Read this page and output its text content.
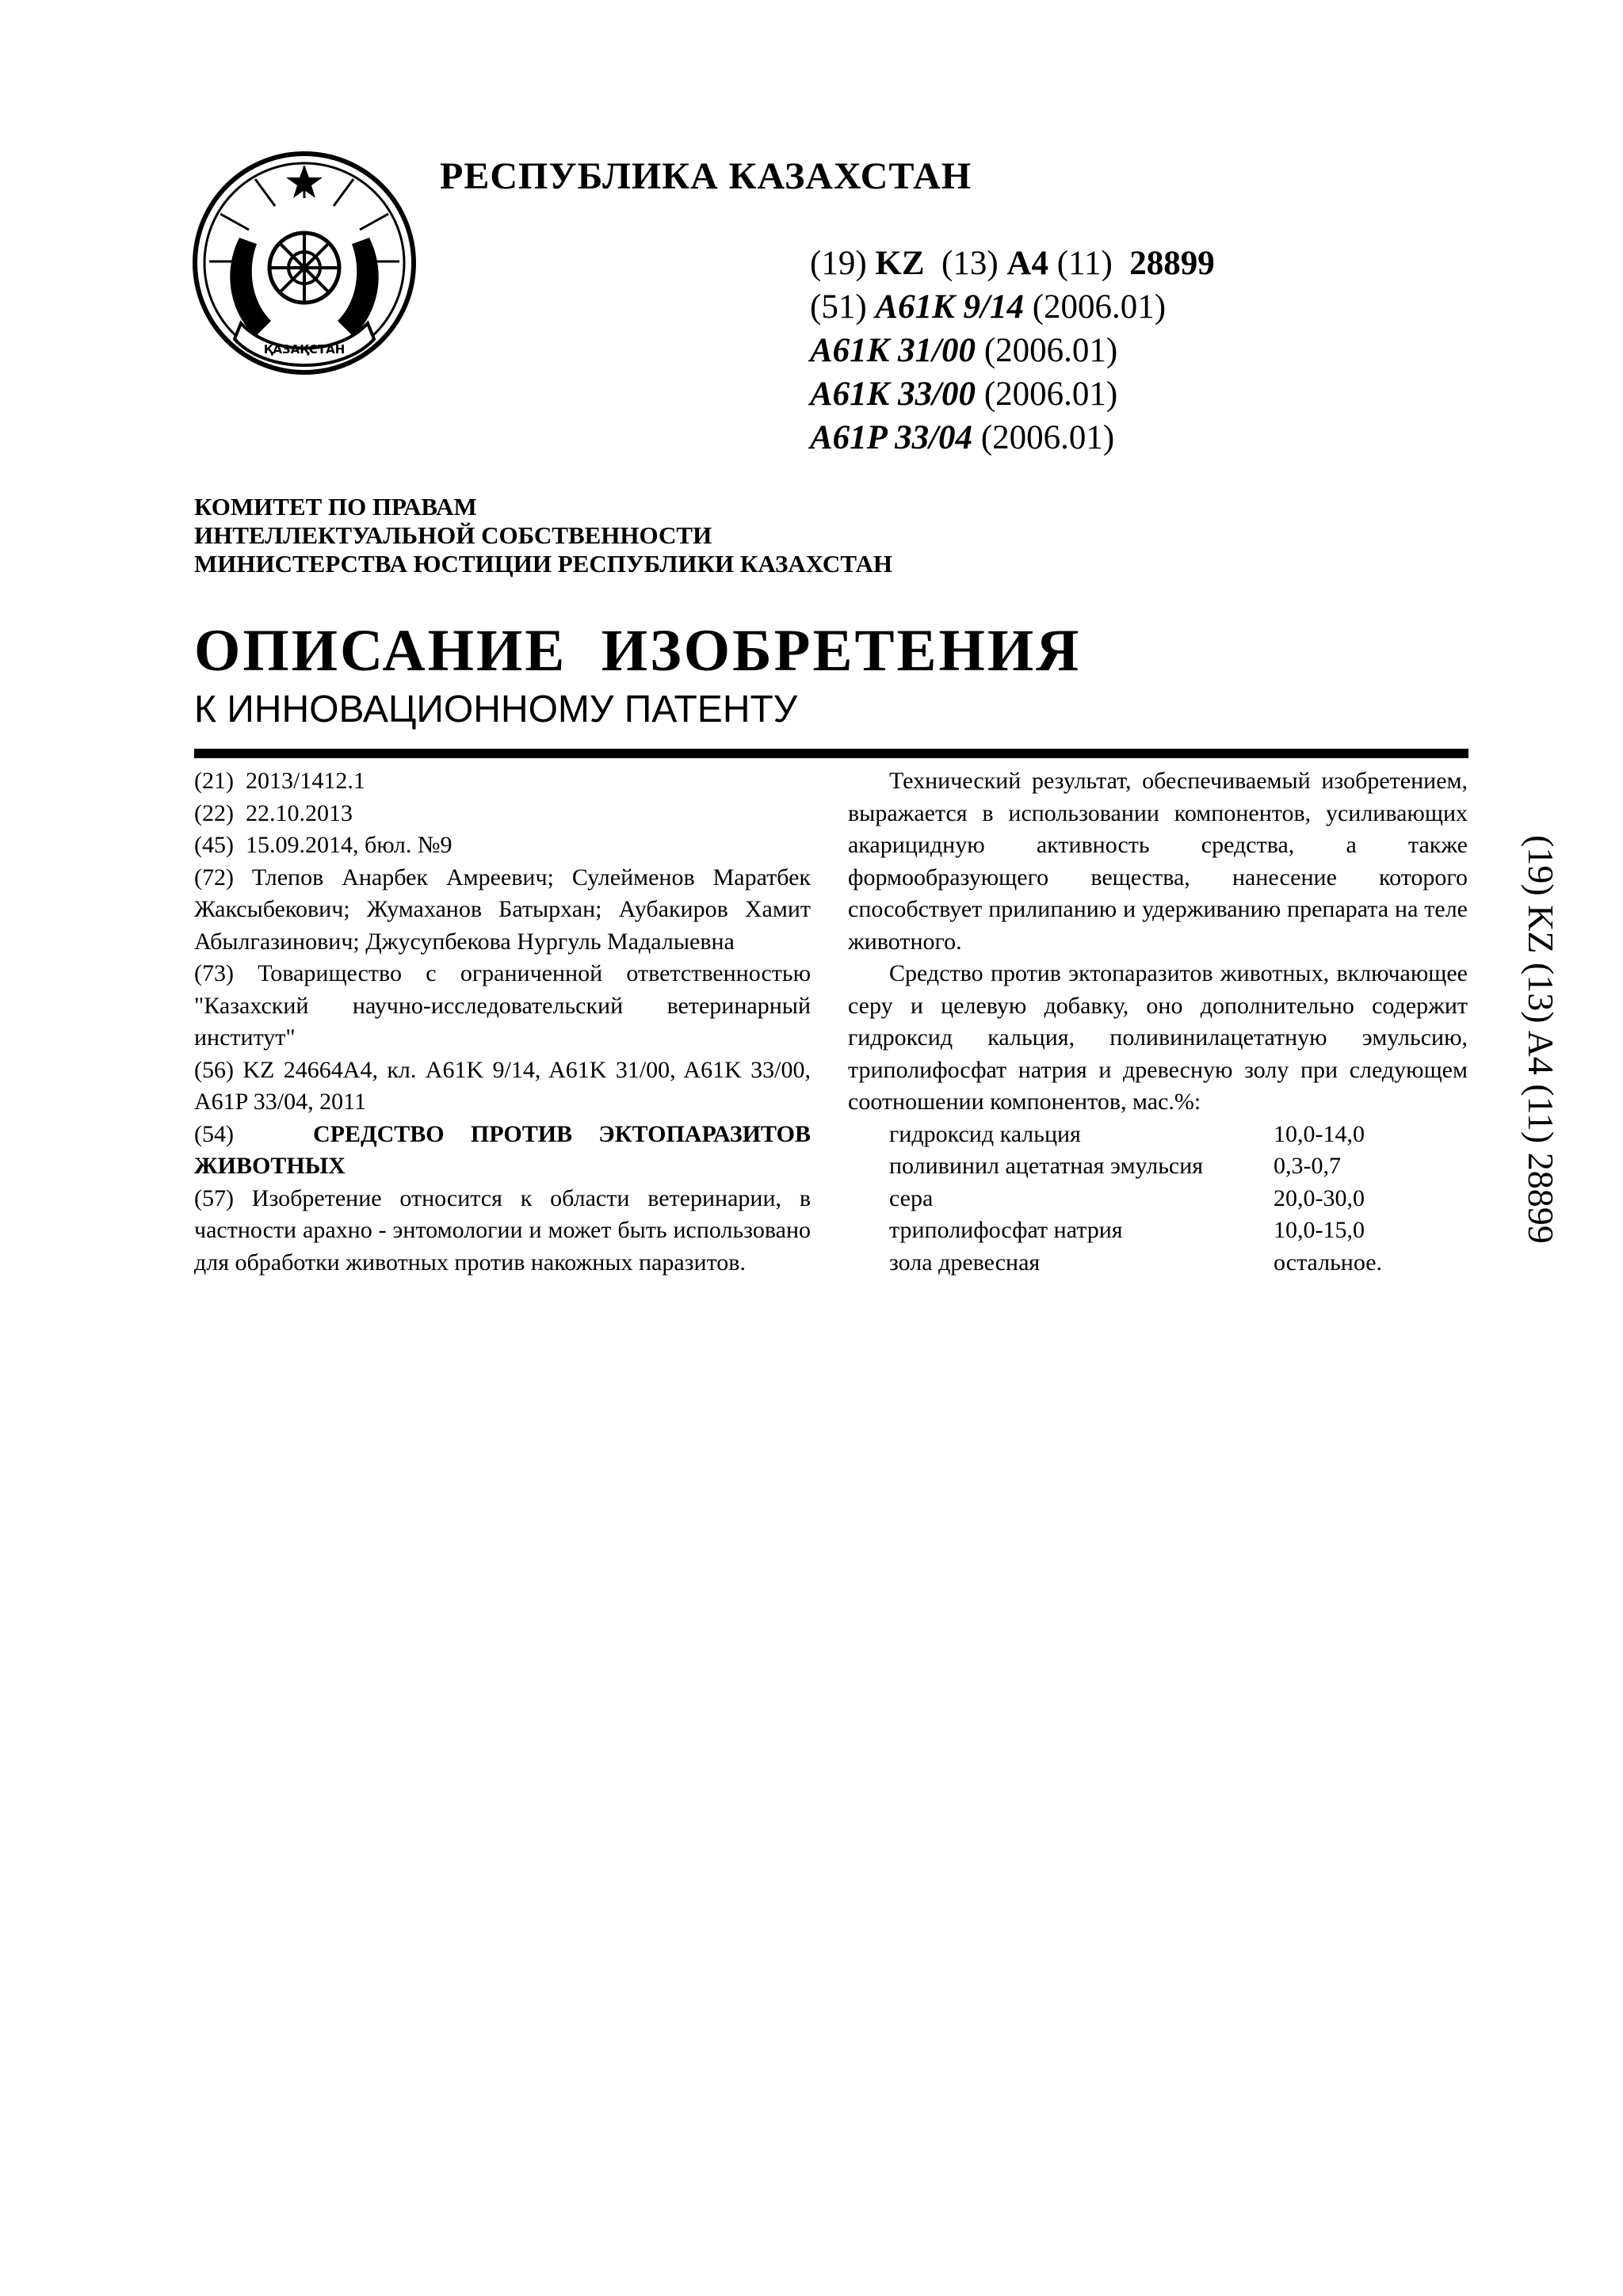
ҚАЗАҚСТАН
РЕСПУБЛИКА КАЗАХСТАН
(19) KZ (13) A4 (11) 28899
(51) A61K 9/14 (2006.01)
A61K 31/00 (2006.01)
A61K 33/00 (2006.01)
A61P 33/04 (2006.01)
КОМИТЕТ ПО ПРАВАМ
ИНТЕЛЛЕКТУАЛЬНОЙ СОБСТВЕННОСТИ
МИНИСТЕРСТВА ЮСТИЦИИ РЕСПУБЛИКИ КАЗАХСТАН
ОПИСАНИЕ  ИЗОБРЕТЕНИЯ
К ИННОВАЦИОННОМУ ПАТЕНТУ
(21)  2013/1412.1
(22)  22.10.2013
(45)  15.09.2014, бюл. №9
(72) Тлепов Анарбек Амреевич; Сулейменов Маратбек Жаксыбекович; Жумаханов Батырхан; Аубакиров Хамит Абылгазинович; Джусупбекова Нургуль Мадалыевна
(73) Товарищество с ограниченной ответственностью "Казахский научно-исследовательский ветеринарный институт"
(56) KZ 24664A4, кл. A61K 9/14, A61K 31/00, A61K 33/00, A61P 33/04, 2011
(54)	СРЕДСТВО ПРОТИВ ЭКТОПАРАЗИТОВ ЖИВОТНЫХ
(57) Изобретение относится к области ветеринарии, в частности арахно - энтомологии и может быть использовано для обработки животных против накожных паразитов.
Технический результат, обеспечиваемый изобретением, выражается в использовании компонентов, усиливающих акарицидную активность средства, а также формообразующего вещества, нанесение которого способствует прилипанию и удерживанию препарата на теле животного.
Средство против эктопаразитов животных, включающее серу и целевую добавку, оно дополнительно содержит гидроксид кальция, поливинилацетатную эмульсию, триполифосфат натрия и древесную золу при следующем соотношении компонентов, мас.%:
гидроксид кальция	10,0-14,0
поливинил ацетатная эмульсия	0,3-0,7
сера	20,0-30,0
триполифосфат натрия	10,0-15,0
зола древесная	остальное.
(19) KZ (13) A4 (11) 28899
